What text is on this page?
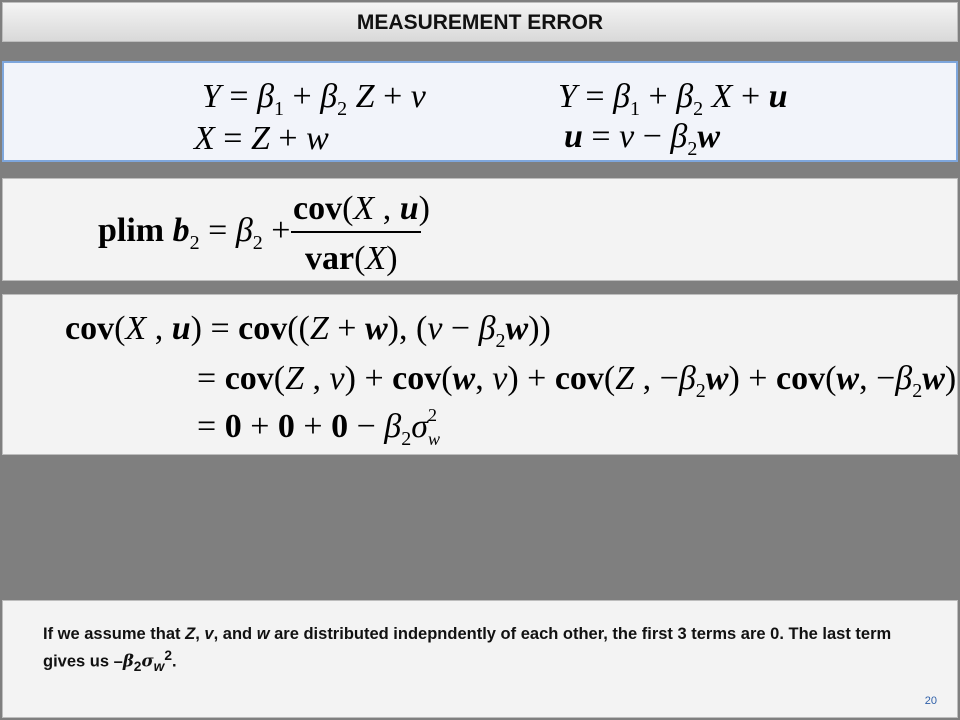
MEASUREMENT ERROR
$Y = \beta_1 + \beta_2$ Z + v
X = Z + w
$Y = \beta_1 + \beta_2$ X + u
$u = v - \beta_2w$
plim $b_2 = \beta_2$ +
cov(X , u)
var(X)
cov(X , u) = cov((Z + w), $(v - \beta_2w)$)
= cov(Z , v) + cov(w, v) + cov(Z , $-\beta_2w) + cov(w$, $-\beta_2w$)
= $0 + 0 + 0 - \beta_2\sigma^2$ w
If we assume that Z, v, and w are distributed indepndently of each other, the first 3 terms are 0. The last term gives us $-\beta_2\sigma_w^2$.
20
